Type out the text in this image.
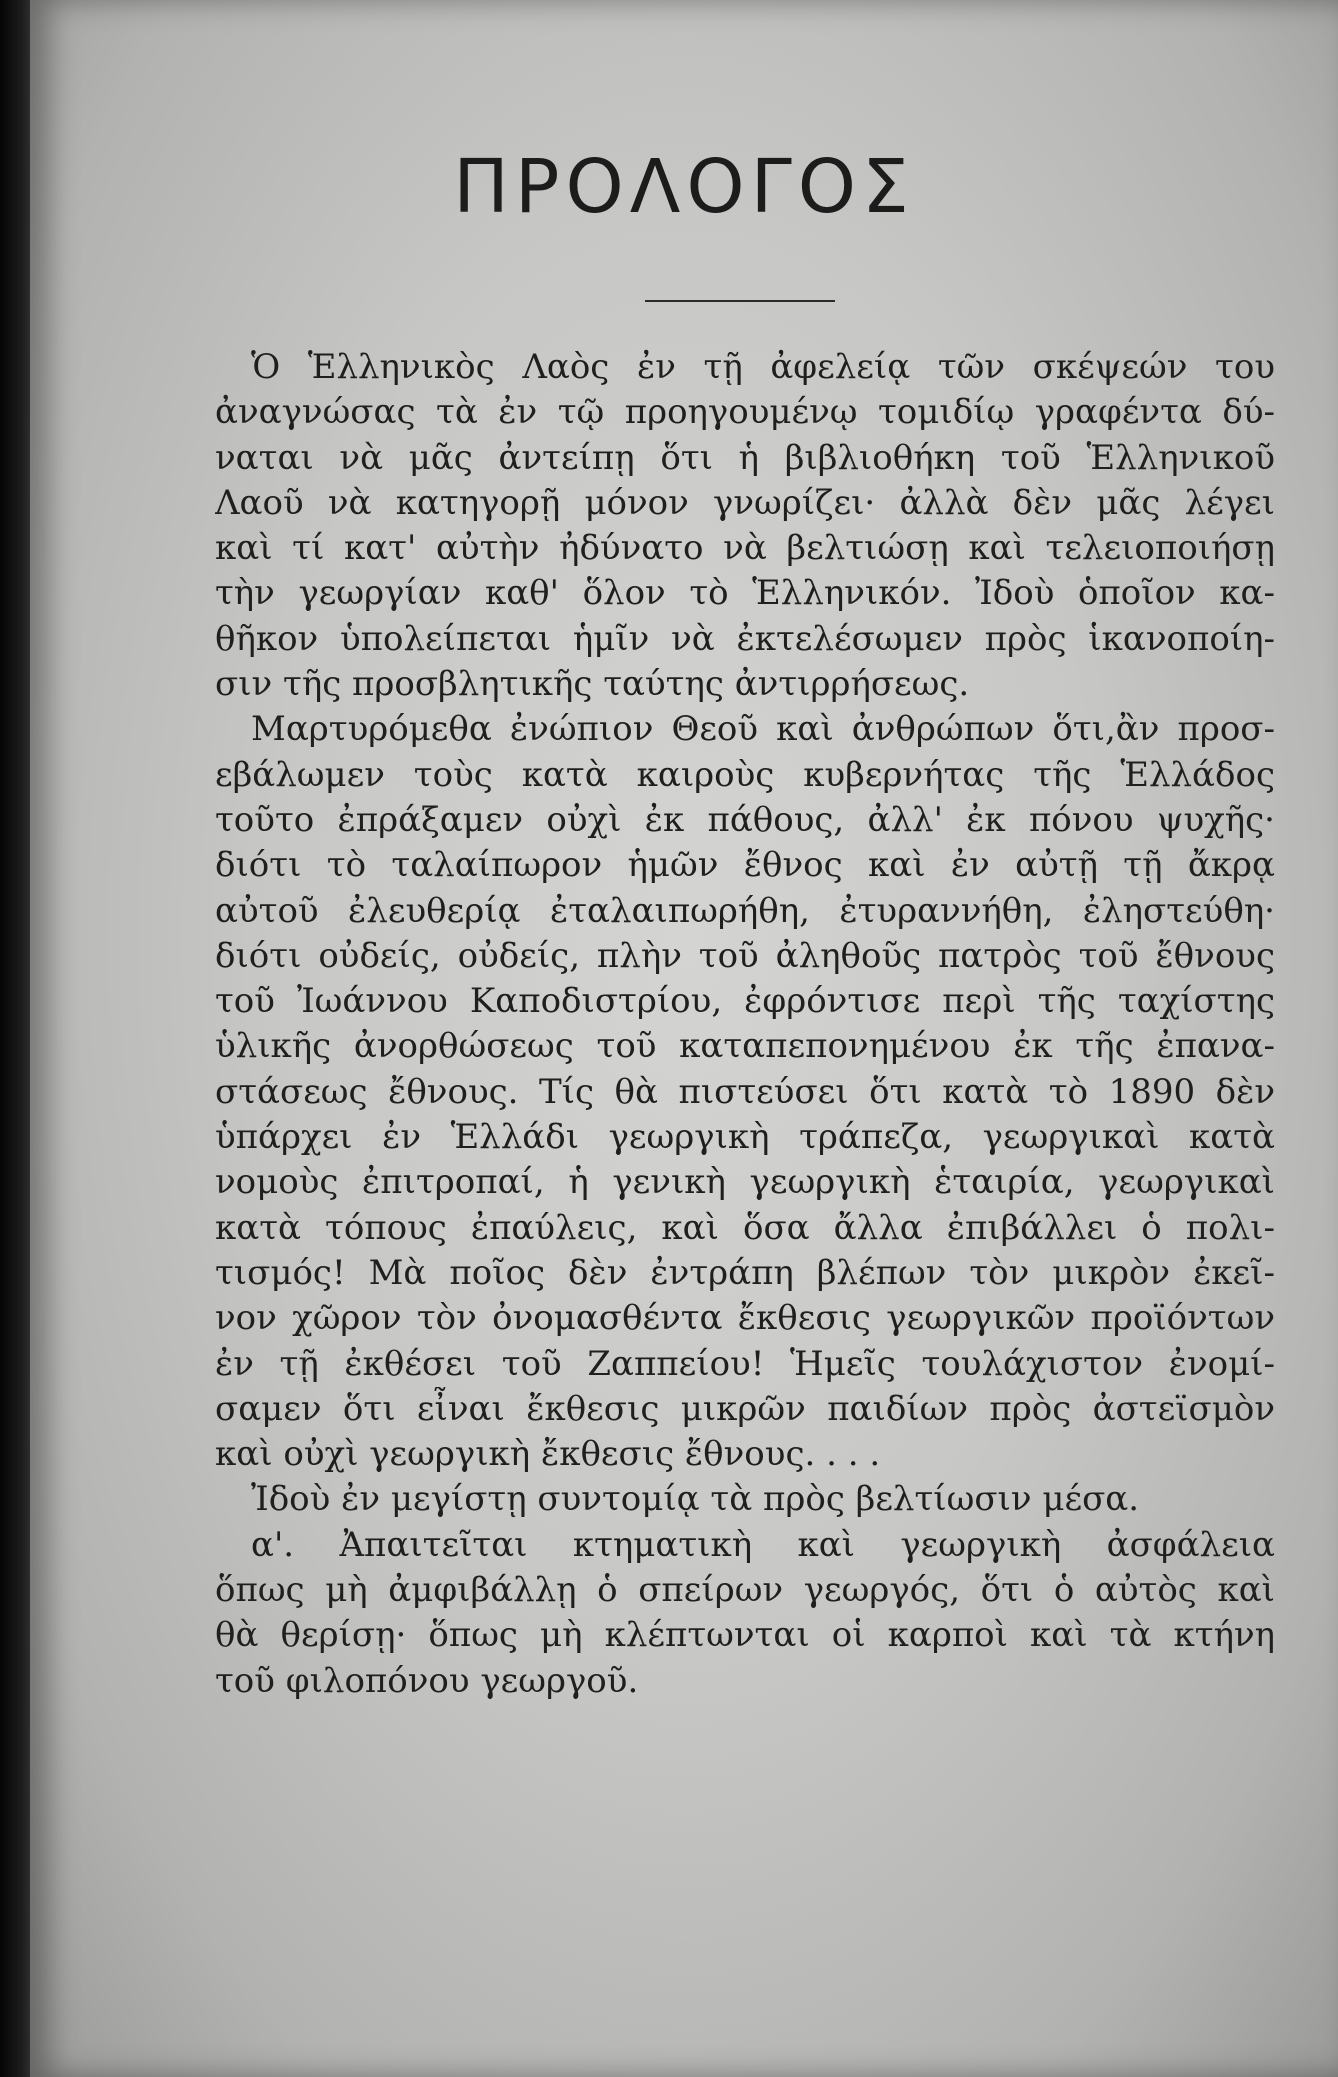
ΠΡΟΛΟΓΟΣ
Ὁ Ἑλληνικὸς Λαὸς ἐν τῇ ἀφελείᾳ τῶν σκέψεών του
ἀναγνώσας τὰ ἐν τῷ προηγουμένῳ τομιδίῳ γραφέντα δύ-
ναται νὰ μᾶς ἀντείπῃ ὅτι ἡ βιβλιοθήκη τοῦ Ἑλληνικοῦ
Λαοῦ νὰ κατηγορῇ μόνον γνωρίζει· ἀλλὰ δὲν μᾶς λέγει
καὶ τί κατ' αὐτὴν ἠδύνατο νὰ βελτιώσῃ καὶ τελειοποιήσῃ
τὴν γεωργίαν καθ' ὅλον τὸ Ἑλληνικόν. Ἰδοὺ ὁποῖον κα-
θῆκον ὑπολείπεται ἡμῖν νὰ ἐκτελέσωμεν πρὸς ἱκανοποίη-
σιν τῆς προσβλητικῆς ταύτης ἀντιρρήσεως.
Μαρτυρόμεθα ἐνώπιον Θεοῦ καὶ ἀνθρώπων ὅτι,ἂν προσ-
εβάλωμεν τοὺς κατὰ καιροὺς κυβερνήτας τῆς Ἑλλάδος
τοῦτο ἐπράξαμεν οὐχὶ ἐκ πάθους, ἀλλ' ἐκ πόνου ψυχῆς·
διότι τὸ ταλαίπωρον ἡμῶν ἔθνος καὶ ἐν αὐτῇ τῇ ἄκρᾳ
αὐτοῦ ἐλευθερίᾳ ἐταλαιπωρήθη, ἐτυραννήθη, ἐληστεύθη·
διότι οὐδείς, οὐδείς, πλὴν τοῦ ἀληθοῦς πατρὸς τοῦ ἔθνους
τοῦ Ἰωάννου Καποδιστρίου, ἐφρόντισε περὶ τῆς ταχίστης
ὑλικῆς ἀνορθώσεως τοῦ καταπεπονημένου ἐκ τῆς ἐπανα-
στάσεως ἔθνους. Τίς θὰ πιστεύσει ὅτι κατὰ τὸ 1890 δὲν
ὑπάρχει ἐν Ἑλλάδι γεωργικὴ τράπεζα, γεωργικαὶ κατὰ
νομοὺς ἐπιτροπαί, ἡ γενικὴ γεωργικὴ ἑταιρία, γεωργικαὶ
κατὰ τόπους ἐπαύλεις, καὶ ὅσα ἄλλα ἐπιβάλλει ὁ πολι-
τισμός! Μὰ ποῖος δὲν ἐντράπη βλέπων τὸν μικρὸν ἐκεῖ-
νον χῶρον τὸν ὀνομασθέντα ἔκθεσις γεωργικῶν προϊόντων
ἐν τῇ ἐκθέσει τοῦ Ζαππείου! Ἡμεῖς τουλάχιστον ἐνομί-
σαμεν ὅτι εἶναι ἔκθεσις μικρῶν παιδίων πρὸς ἀστεϊσμὸν
καὶ οὐχὶ γεωργικὴ ἔκθεσις ἔθνους. . . .
Ἰδοὺ ἐν μεγίστῃ συντομίᾳ τὰ πρὸς βελτίωσιν μέσα.
α'. Ἀπαιτεῖται κτηματικὴ καὶ γεωργικὴ ἀσφάλεια
ὅπως μὴ ἀμφιβάλλῃ ὁ σπείρων γεωργός, ὅτι ὁ αὐτὸς καὶ
θὰ θερίσῃ· ὅπως μὴ κλέπτωνται οἱ καρποὶ καὶ τὰ κτήνη
τοῦ φιλοπόνου γεωργοῦ.
